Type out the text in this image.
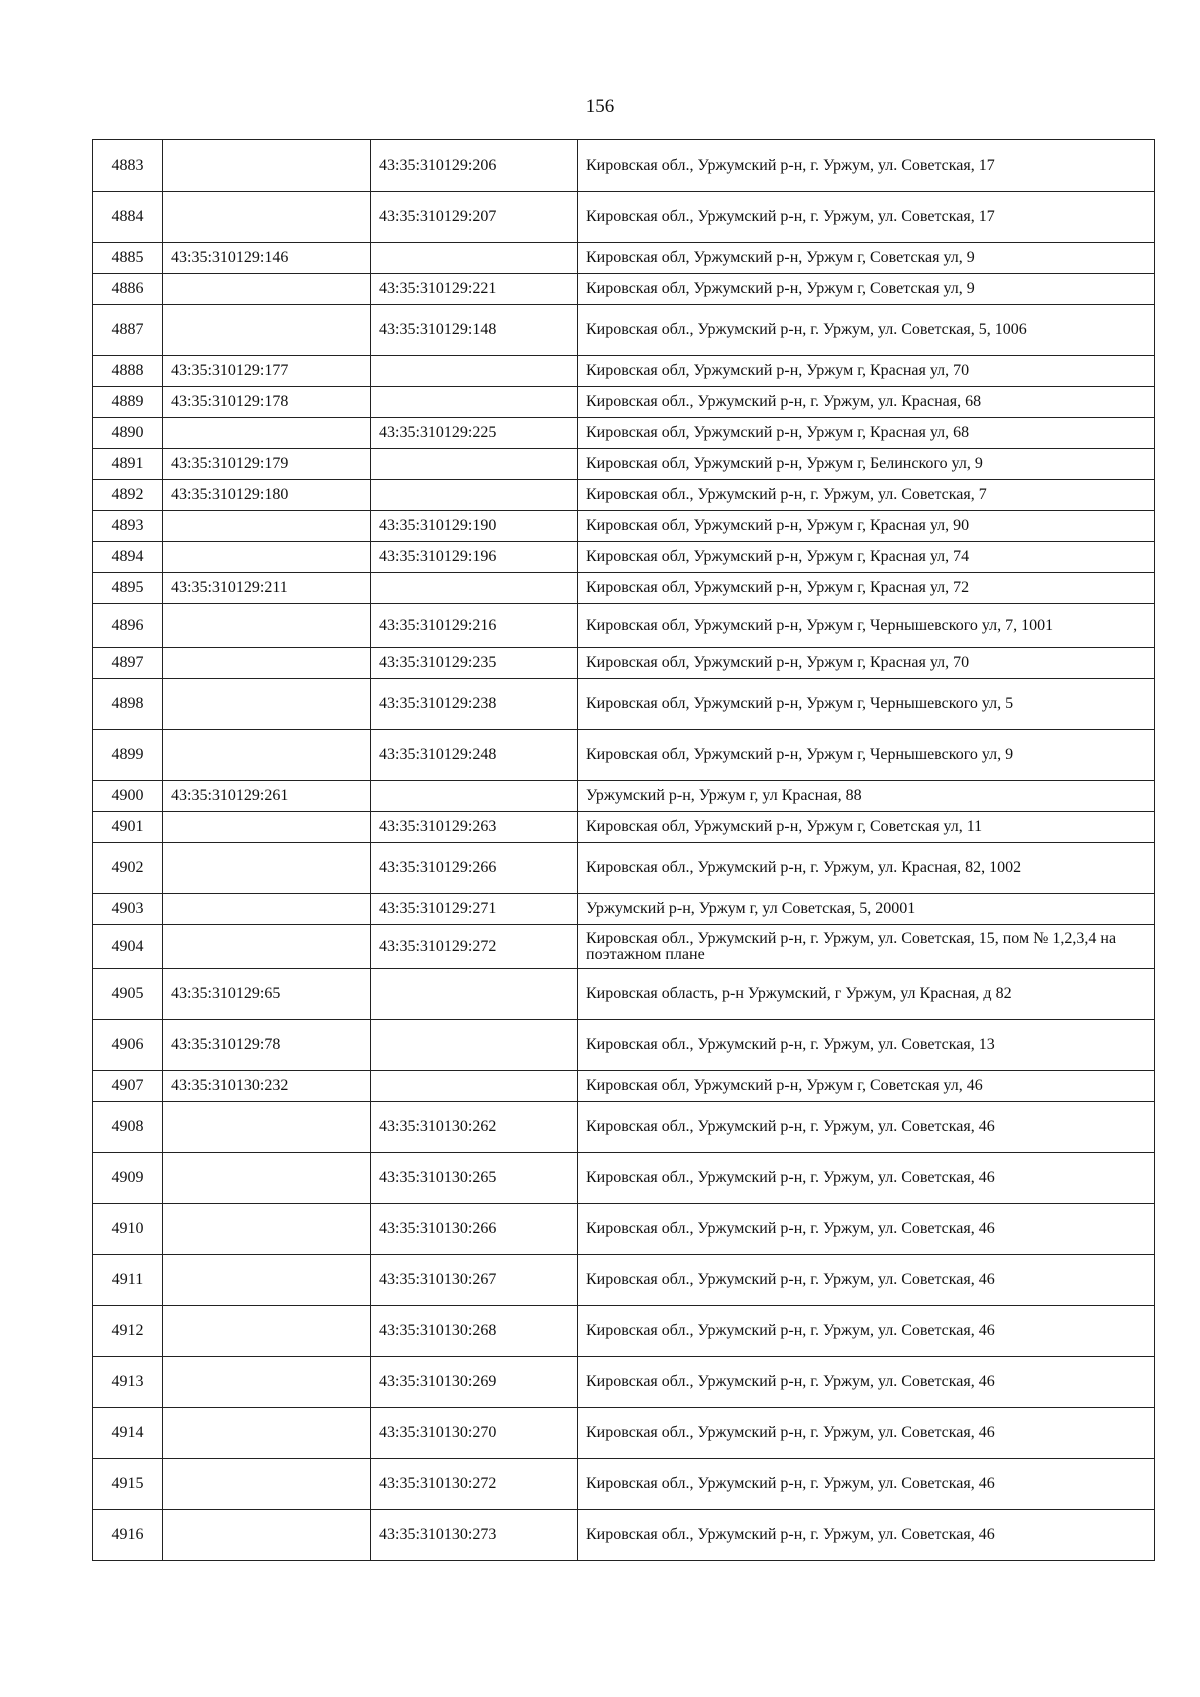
156
4883		43:35:310129:206	Кировская обл., Уржумский р-н, г. Уржум, ул. Советская, 17
4884		43:35:310129:207	Кировская обл., Уржумский р-н, г. Уржум, ул. Советская, 17
4885	43:35:310129:146		Кировская обл, Уржумский р-н, Уржум г, Советская ул, 9
4886		43:35:310129:221	Кировская обл, Уржумский р-н, Уржум г, Советская ул, 9
4887		43:35:310129:148	Кировская обл., Уржумский р-н, г. Уржум, ул. Советская, 5, 1006
4888	43:35:310129:177		Кировская обл, Уржумский р-н, Уржум г, Красная ул, 70
4889	43:35:310129:178		Кировская обл., Уржумский р-н, г. Уржум, ул. Красная, 68
4890		43:35:310129:225	Кировская обл, Уржумский р-н, Уржум г, Красная ул, 68
4891	43:35:310129:179		Кировская обл, Уржумский р-н, Уржум г, Белинского ул, 9
4892	43:35:310129:180		Кировская обл., Уржумский р-н, г. Уржум, ул. Советская, 7
4893		43:35:310129:190	Кировская обл, Уржумский р-н, Уржум г, Красная ул, 90
4894		43:35:310129:196	Кировская обл, Уржумский р-н, Уржум г, Красная ул, 74
4895	43:35:310129:211		Кировская обл, Уржумский р-н, Уржум г, Красная ул, 72
4896		43:35:310129:216	Кировская обл, Уржумский р-н, Уржум г, Чернышевского ул, 7, 1001
4897		43:35:310129:235	Кировская обл, Уржумский р-н, Уржум г, Красная ул, 70
4898		43:35:310129:238	Кировская обл, Уржумский р-н, Уржум г, Чернышевского ул, 5
4899		43:35:310129:248	Кировская обл, Уржумский р-н, Уржум г, Чернышевского ул, 9
4900	43:35:310129:261		Уржумский р-н, Уржум г, ул Красная, 88
4901		43:35:310129:263	Кировская обл, Уржумский р-н, Уржум г, Советская ул, 11
4902		43:35:310129:266	Кировская обл., Уржумский р-н, г. Уржум, ул. Красная, 82, 1002
4903		43:35:310129:271	Уржумский р-н, Уржум г, ул Советская, 5, 20001
4904		43:35:310129:272	Кировская обл., Уржумский р-н, г. Уржум, ул. Советская, 15, пом № 1,2,3,4 на поэтажном плане
4905	43:35:310129:65		Кировская область, р-н Уржумский, г Уржум, ул Красная, д 82
4906	43:35:310129:78		Кировская обл., Уржумский р-н, г. Уржум, ул. Советская, 13
4907	43:35:310130:232		Кировская обл, Уржумский р-н, Уржум г, Советская ул, 46
4908		43:35:310130:262	Кировская обл., Уржумский р-н, г. Уржум, ул. Советская, 46
4909		43:35:310130:265	Кировская обл., Уржумский р-н, г. Уржум, ул. Советская, 46
4910		43:35:310130:266	Кировская обл., Уржумский р-н, г. Уржум, ул. Советская, 46
4911		43:35:310130:267	Кировская обл., Уржумский р-н, г. Уржум, ул. Советская, 46
4912		43:35:310130:268	Кировская обл., Уржумский р-н, г. Уржум, ул. Советская, 46
4913		43:35:310130:269	Кировская обл., Уржумский р-н, г. Уржум, ул. Советская, 46
4914		43:35:310130:270	Кировская обл., Уржумский р-н, г. Уржум, ул. Советская, 46
4915		43:35:310130:272	Кировская обл., Уржумский р-н, г. Уржум, ул. Советская, 46
4916		43:35:310130:273	Кировская обл., Уржумский р-н, г. Уржум, ул. Советская, 46
